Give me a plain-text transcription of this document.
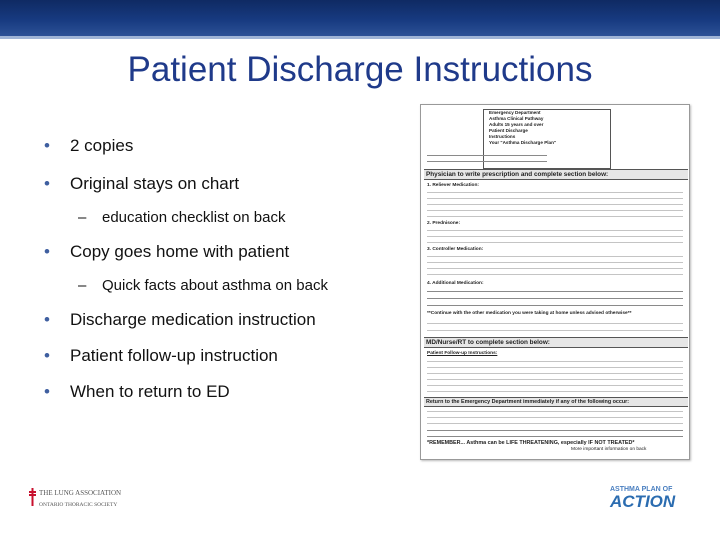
Patient Discharge Instructions
• 2 copies
• Original stays on chart
– education checklist on back
• Copy goes home with patient
– Quick facts about asthma on back
• Discharge medication instruction
• Patient follow-up instruction
• When to return to ED
Emergency Department
Asthma Clinical Pathway
Adults 15 years and over
Patient Discharge
Instructions
Your "Asthma Discharge Plan"
Physician to write prescription and complete section below:
1. Reliever Medication:
2. Prednisone:
3. Controller Medication:
4. Additional Medication:
**Continue with the other medication you were taking at home unless advised otherwise**
MD/Nurse/RT to complete section below:
Patient Follow-up Instructions:
Return to the Emergency Department immediately if any of the following occur:
*REMEMBER... Asthma can be LIFE THREATENING, especially IF NOT TREATED*
More important information on back
THE LUNG ASSOCIATION
ONTARIO THORACIC SOCIETY
ASTHMA PLAN OF
ACTION
